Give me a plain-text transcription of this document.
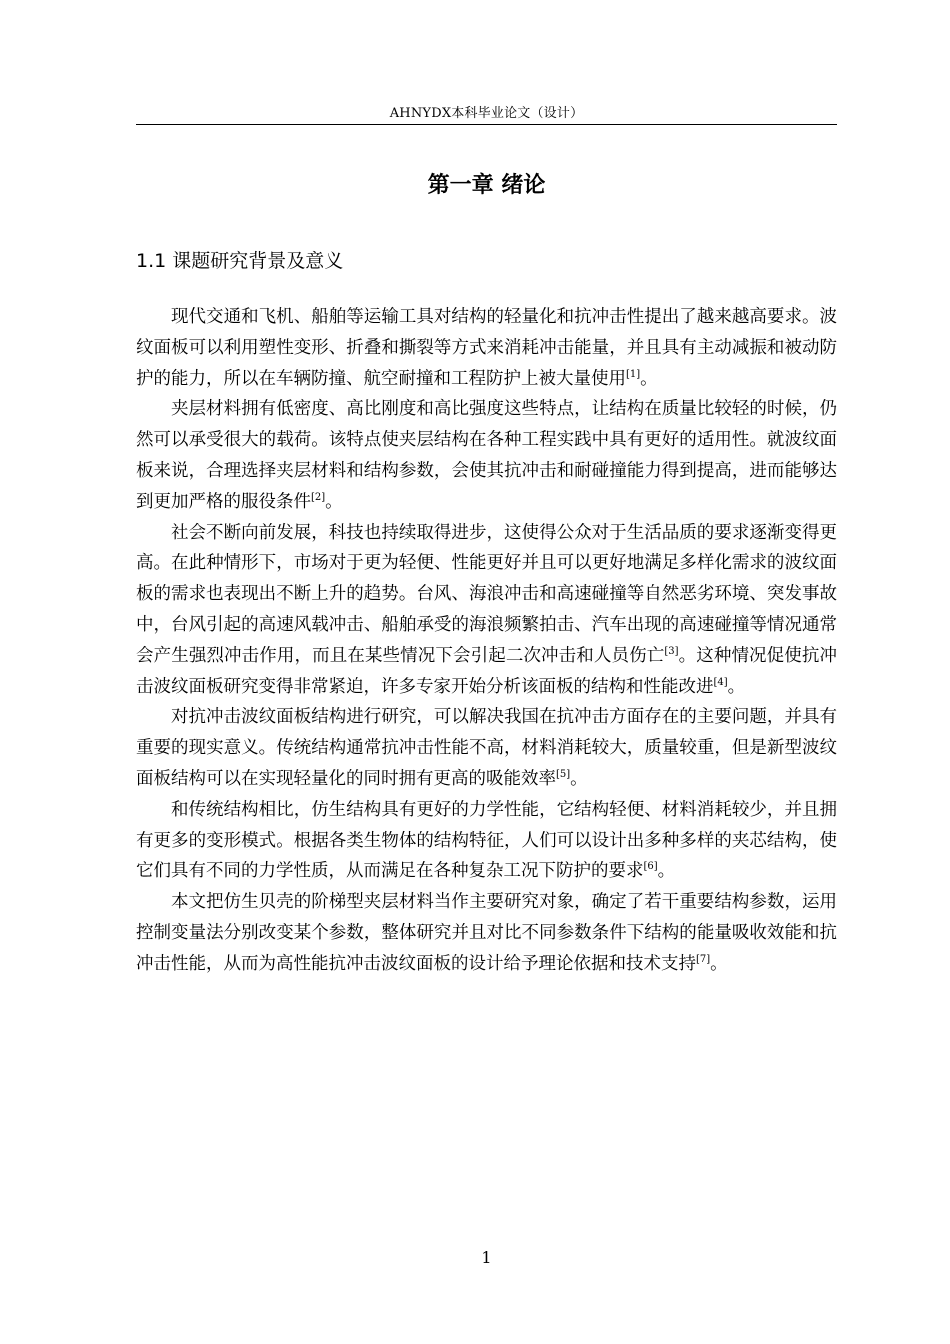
AHNYDX本科毕业论文（设计）
第一章 绪论
1.1 课题研究背景及意义

现代交通和飞机、船舶等运输工具对结构的轻量化和抗冲击性提出了越来越高要求。波纹面板可以利用塑性变形、折叠和撕裂等方式来消耗冲击能量，并且具有主动减振和被动防护的能力，所以在车辆防撞、航空耐撞和工程防护上被大量使用[1]。

夹层材料拥有低密度、高比刚度和高比强度这些特点，让结构在质量比较轻的时候，仍然可以承受很大的载荷。该特点使夹层结构在各种工程实践中具有更好的适用性。就波纹面板来说，合理选择夹层材料和结构参数，会使其抗冲击和耐碰撞能力得到提高，进而能够达到更加严格的服役条件[2]。

社会不断向前发展，科技也持续取得进步，这使得公众对于生活品质的要求逐渐变得更高。在此种情形下，市场对于更为轻便、性能更好并且可以更好地满足多样化需求的波纹面板的需求也表现出不断上升的趋势。台风、海浪冲击和高速碰撞等自然恶劣环境、突发事故中，台风引起的高速风载冲击、船舶承受的海浪频繁拍击、汽车出现的高速碰撞等情况通常会产生强烈冲击作用，而且在某些情况下会引起二次冲击和人员伤亡[3]。这种情况促使抗冲击波纹面板研究变得非常紧迫，许多专家开始分析该面板的结构和性能改进[4]。

对抗冲击波纹面板结构进行研究，可以解决我国在抗冲击方面存在的主要问题，并具有重要的现实意义。传统结构通常抗冲击性能不高，材料消耗较大，质量较重，但是新型波纹面板结构可以在实现轻量化的同时拥有更高的吸能效率[5]。

和传统结构相比，仿生结构具有更好的力学性能，它结构轻便、材料消耗较少，并且拥有更多的变形模式。根据各类生物体的结构特征，人们可以设计出多种多样的夹芯结构，使它们具有不同的力学性质，从而满足在各种复杂工况下防护的要求[6]。

本文把仿生贝壳的阶梯型夹层材料当作主要研究对象，确定了若干重要结构参数，运用控制变量法分别改变某个参数，整体研究并且对比不同参数条件下结构的能量吸收效能和抗冲击性能，从而为高性能抗冲击波纹面板的设计给予理论依据和技术支持[7]。

1
